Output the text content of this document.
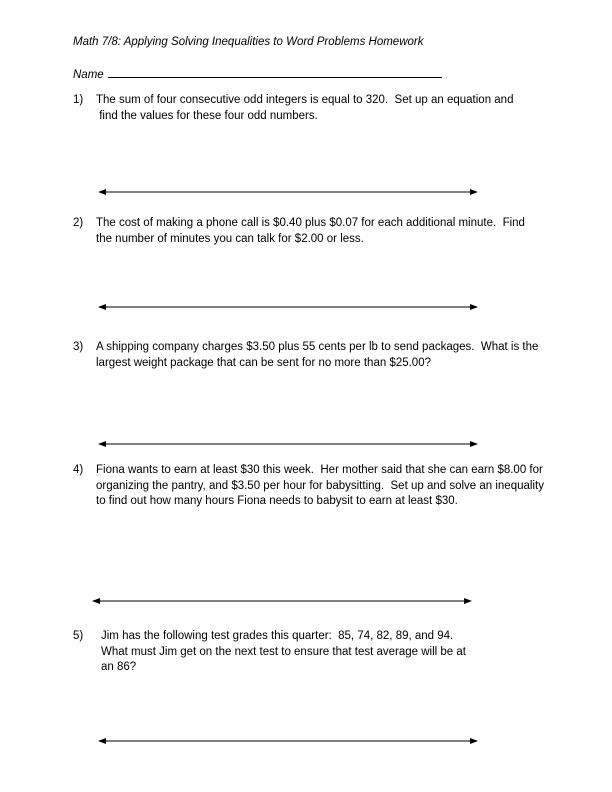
Math 7/8: Applying Solving Inequalities to Word Problems Homework
Name
1) The sum of four consecutive odd integers is equal to 320.  Set up an equation and
find the values for these four odd numbers.
2) The cost of making a phone call is $0.40 plus $0.07 for each additional minute.  Find
the number of minutes you can talk for $2.00 or less.
3) A shipping company charges $3.50 plus 55 cents per lb to send packages.  What is the
largest weight package that can be sent for no more than $25.00?
4) Fiona wants to earn at least $30 this week.  Her mother said that she can earn $8.00 for
organizing the pantry, and $3.50 per hour for babysitting.  Set up and solve an inequality
to find out how many hours Fiona needs to babysit to earn at least $30.
5) Jim has the following test grades this quarter:  85, 74, 82, 89, and 94.
What must Jim get on the next test to ensure that test average will be at
an 86?
